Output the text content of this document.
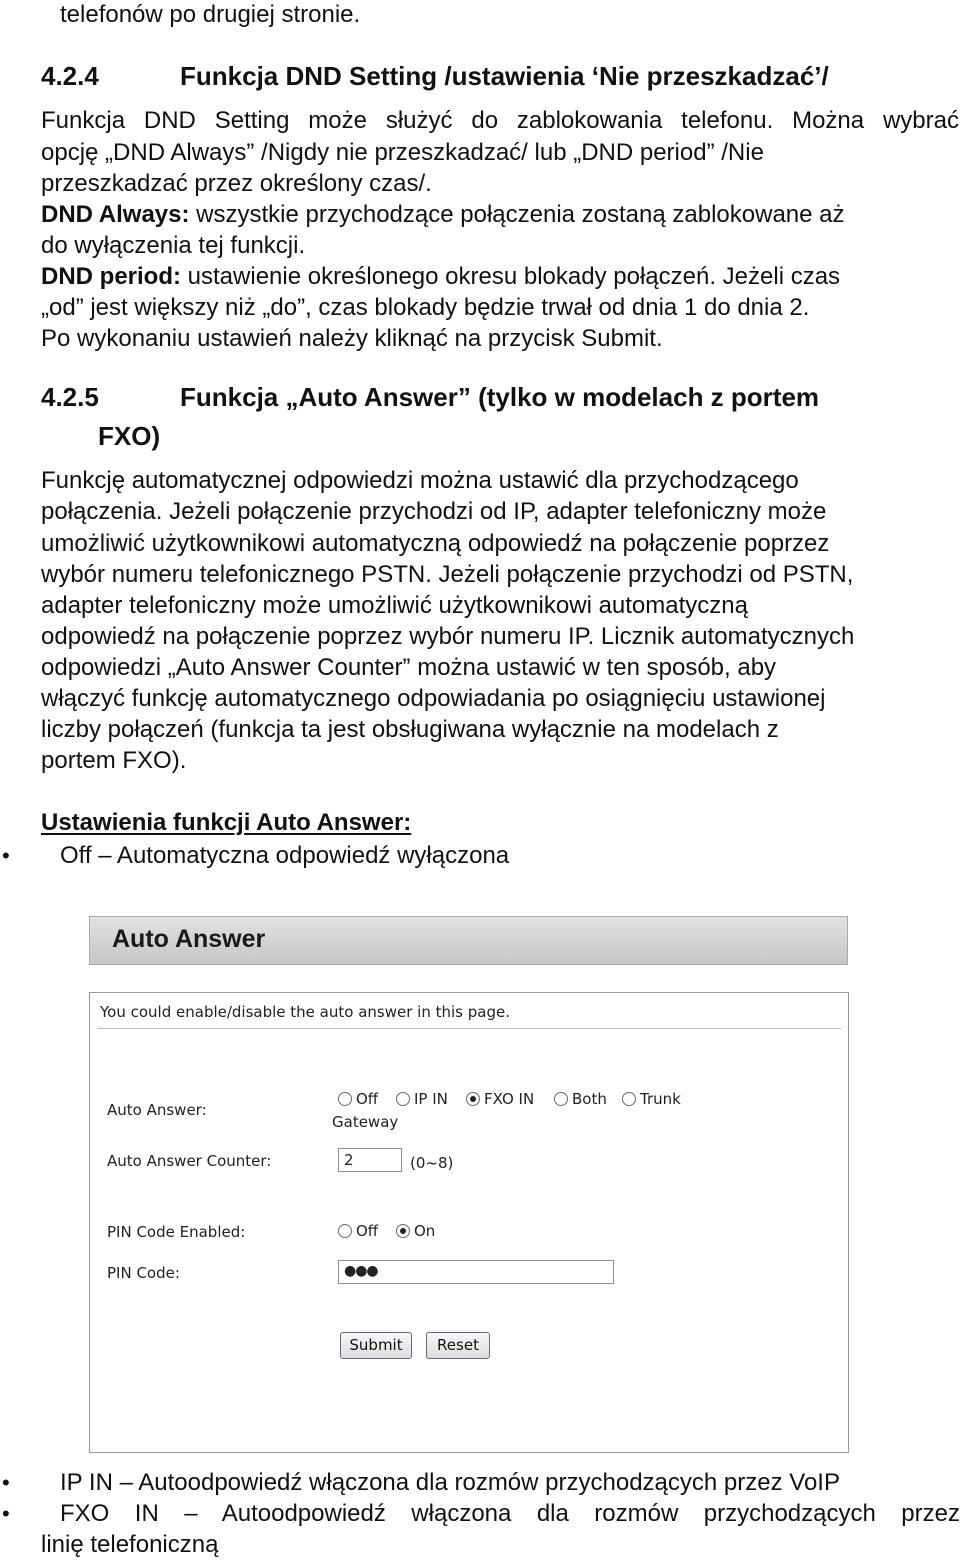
telefonów po drugiej stronie.
4.2.4	Funkcja DND Setting /ustawienia ‘Nie przeszkadzać’/
Funkcja DND Setting może służyć do zablokowania telefonu. Można wybrać
opcję „DND Always” /Nigdy nie przeszkadzać/ lub „DND period” /Nie
przeszkadzać przez określony czas/.
DND Always: wszystkie przychodzące połączenia zostaną zablokowane aż
do wyłączenia tej funkcji.
DND period: ustawienie określonego okresu blokady połączeń. Jeżeli czas
„od” jest większy niż „do”, czas blokady będzie trwał od dnia 1 do dnia 2.
Po wykonaniu ustawień należy kliknąć na przycisk Submit.
4.2.5	Funkcja „Auto Answer” (tylko w modelach z portem
FXO)
Funkcję automatycznej odpowiedzi można ustawić dla przychodzącego
połączenia. Jeżeli połączenie przychodzi od IP, adapter telefoniczny może
umożliwić użytkownikowi automatyczną odpowiedź na połączenie poprzez
wybór numeru telefonicznego PSTN. Jeżeli połączenie przychodzi od PSTN,
adapter telefoniczny może umożliwić użytkownikowi automatyczną
odpowiedź na połączenie poprzez wybór numeru IP. Licznik automatycznych
odpowiedzi „Auto Answer Counter” można ustawić w ten sposób, aby
włączyć funkcję automatycznego odpowiadania po osiągnięciu ustawionej
liczby połączeń (funkcja ta jest obsługiwana wyłącznie na modelach z
portem FXO).
Ustawienia funkcji Auto Answer:
• Off – Automatyczna odpowiedź wyłączona
Auto Answer
You could enable/disable the auto answer in this page.
Auto Answer:
Off IP IN FXO IN	Both Trunk
Gateway
Auto Answer Counter:	2	(0~8)
PIN Code Enabled:	Off On
PIN Code:	●●●
Submit	Reset
• IP IN – Autoodpowiedź włączona dla rozmów przychodzących przez VoIP
• FXO IN – Autoodpowiedź włączona dla rozmów przychodzących przez
linię telefoniczną
